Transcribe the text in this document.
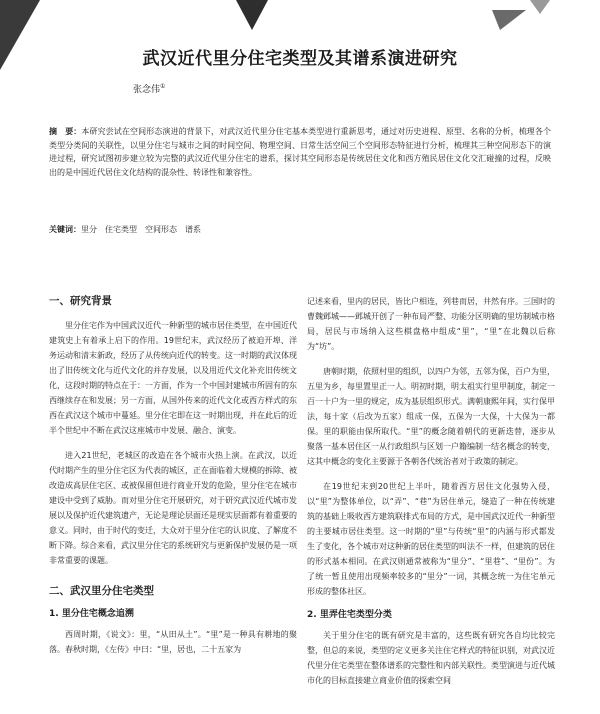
武汉近代里分住宅类型及其谱系演进研究
张念伟①
摘　要：本研究尝试在空间形态演进的背景下，对武汉近代里分住宅基本类型进行重新思考，通过对历史进程、原型、名称的分析，梳理各个类型分类间的关联性，以里分住宅与城市之间的时间空间、物理空间、日常生活空间三个空间形态特征进行分析，梳理其三种空间形态下的演进过程，研究试图初步建立较为完整的武汉近代里分住宅的谱系，探讨其空间形态是传统居住文化和西方殖民居住文化交汇碰撞的过程，反映出的是中国近代居住文化结构的混杂性、转译性和兼容性。
关键词：里分　住宅类型　空间形态　谱系
一、研究背景

里分住宅作为中国武汉近代一种新型的城市居住类型，在中国近代建筑史上有着承上启下的作用。19世纪末，武汉经历了被迫开埠、洋务运动和清末新政，经历了从传统向近代的转变。这一时期的武汉体现出了旧传统文化与近代文化的并存发展，以及用近代文化补充旧传统文化，这段时期的特点在于：一方面，作为一个中国封建城市所固有的东西继续存在和发展；另一方面，从国外传来的近代文化或西方样式的东西在武汉这个城市中蔓延。里分住宅即在这一时期出现，并在此后的近半个世纪中不断在武汉这座城市中发展、融合、演变。

进入21世纪，老城区的改造在各个城市火热上演。在武汉，以近代时期产生的里分住宅区为代表的城区，正在面临着大规模的拆除、被改造成高层住宅区、或被保留但进行商业开发的危险，里分住宅在城市建设中受到了威胁。而对里分住宅开展研究，对于研究武汉近代城市发展以及保护近代建筑遗产，无论是理论层面还是现实层面都有着重要的意义。同时，由于时代的变迁，大众对于里分住宅的认识度、了解度不断下降。综合来看，武汉里分住宅的系统研究与更新保护发展仍是一项非常重要的课题。

二、武汉里分住宅类型
1. 里分住宅概念追溯

西周时期，《说文》：里，“从田从土”。“里”是一种具有耕地的聚落。春秋时期，《左传》中曰：“里，居也，二十五家为

记述来看，里内的居民，皆比户相连，列巷而居，井然有序。三国时的曹魏邺城——邺城开创了一种布局严整、功能分区明确的里坊制城市格局，居民与市场纳入这些棋盘格中组成“里”，“里”在北魏以后称为“坊”。

唐朝时期，依照村里的组织，以四户为邻，五邻为保，百户为里，五里为乡，每里置里正一人。明初时期，明太祖实行里甲制度，制定一百一十户为一里的规定，成为基层组织形式。满朝康熙年间，实行保甲法，每十家（后改为五家）组成一保，五保为一大保，十大保为一都保。里的职能由保所取代。“里”的概念随着朝代的更新迭替，逐步从聚落一基本居住区一从行政组织与区划一户籍编制一结名概念的转变，这其中概念的变化主要源于各朝各代统治者对于政策的制定。

在19世纪末到20世纪上半叶，随着西方居住文化强势入侵，以“里”为整体单位，以“弄”、“巷”为居住单元，缝造了一种在传统建筑的基础上吸收西方建筑联排式布局的方式，是中国武汉近代一种新型的主要城市居住类型。这一时期的“里”与传统“里”的内涵与形式都发生了变化，各个城市对这种新的居住类型的叫法不一样，但建筑的居住的形式基本相同。在武汉则通常被称为“里分”、“里巷”、“里份”。为了统一暂且使用出现频率较多的“里分”一词，其概念统一为住宅单元形成的整体社区。

2. 里弄住宅类型分类

关于里分住宅的既有研究是丰富的，这些既有研究各自均比较完整，但总的来说，类型的定义更多关注住宅样式的特征识别，对武汉近代里分住宅类型在整体谱系的完整性和内部关联性。类型演进与近代城市化的目标直接建立商业价值的探索空间
